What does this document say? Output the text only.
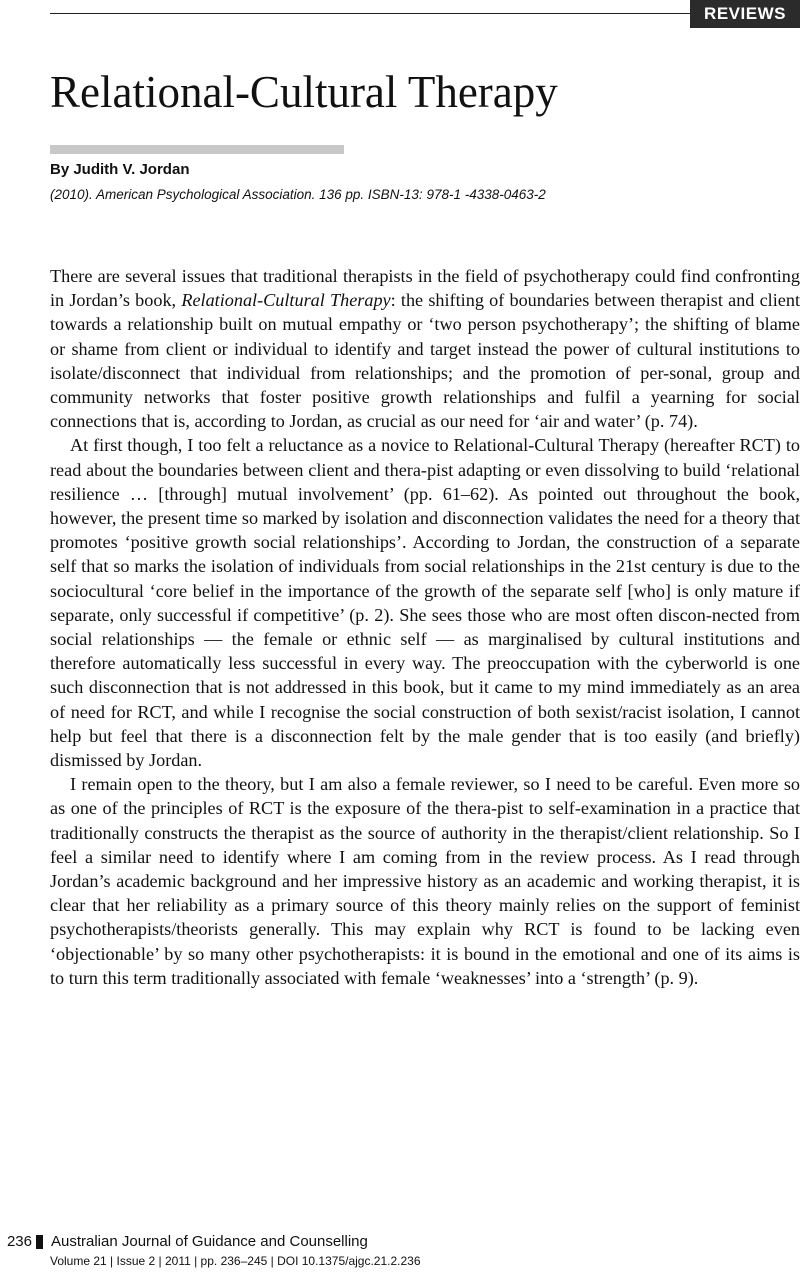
REVIEWS
Relational-Cultural Therapy
By Judith V. Jordan
(2010). American Psychological Association. 136 pp. ISBN-13: 978-1 -4338-0463-2

There are several issues that traditional therapists in the field of psychotherapy could find confronting in Jordan’s book, Relational-Cultural Therapy: the shifting of boundaries between therapist and client towards a relationship built on mutual empathy or ‘two person psychotherapy’; the shifting of blame or shame from client or individual to identify and target instead the power of cultural institutions to isolate/disconnect that individual from relationships; and the promotion of per-sonal, group and community networks that foster positive growth relationships and fulfil a yearning for social connections that is, according to Jordan, as crucial as our need for ‘air and water’ (p. 74).

At first though, I too felt a reluctance as a novice to Relational-Cultural Therapy (hereafter RCT) to read about the boundaries between client and thera-pist adapting or even dissolving to build ‘relational resilience … [through] mutual involvement’ (pp. 61–62). As pointed out throughout the book, however, the present time so marked by isolation and disconnection validates the need for a theory that promotes ‘positive growth social relationships’. According to Jordan, the construction of a separate self that so marks the isolation of individuals from social relationships in the 21st century is due to the sociocultural ‘core belief in the importance of the growth of the separate self [who] is only mature if separate, only successful if competitive’ (p. 2). She sees those who are most often discon-nected from social relationships — the female or ethnic self — as marginalised by cultural institutions and therefore automatically less successful in every way. The preoccupation with the cyberworld is one such disconnection that is not addressed in this book, but it came to my mind immediately as an area of need for RCT, and while I recognise the social construction of both sexist/racist isolation, I cannot help but feel that there is a disconnection felt by the male gender that is too easily (and briefly) dismissed by Jordan.

I remain open to the theory, but I am also a female reviewer, so I need to be careful. Even more so as one of the principles of RCT is the exposure of the thera-pist to self-examination in a practice that traditionally constructs the therapist as the source of authority in the therapist/client relationship. So I feel a similar need to identify where I am coming from in the review process. As I read through Jordan’s academic background and her impressive history as an academic and working therapist, it is clear that her reliability as a primary source of this theory mainly relies on the support of feminist psychotherapists/theorists generally. This may explain why RCT is found to be lacking even ‘objectionable’ by so many other psychotherapists: it is bound in the emotional and one of its aims is to turn this term traditionally associated with female ‘weaknesses’ into a ‘strength’ (p. 9).

236 Australian Journal of Guidance and Counselling
Volume 21 | Issue 2 | 2011 | pp. 236–245 | DOI 10.1375/ajgc.21.2.236
